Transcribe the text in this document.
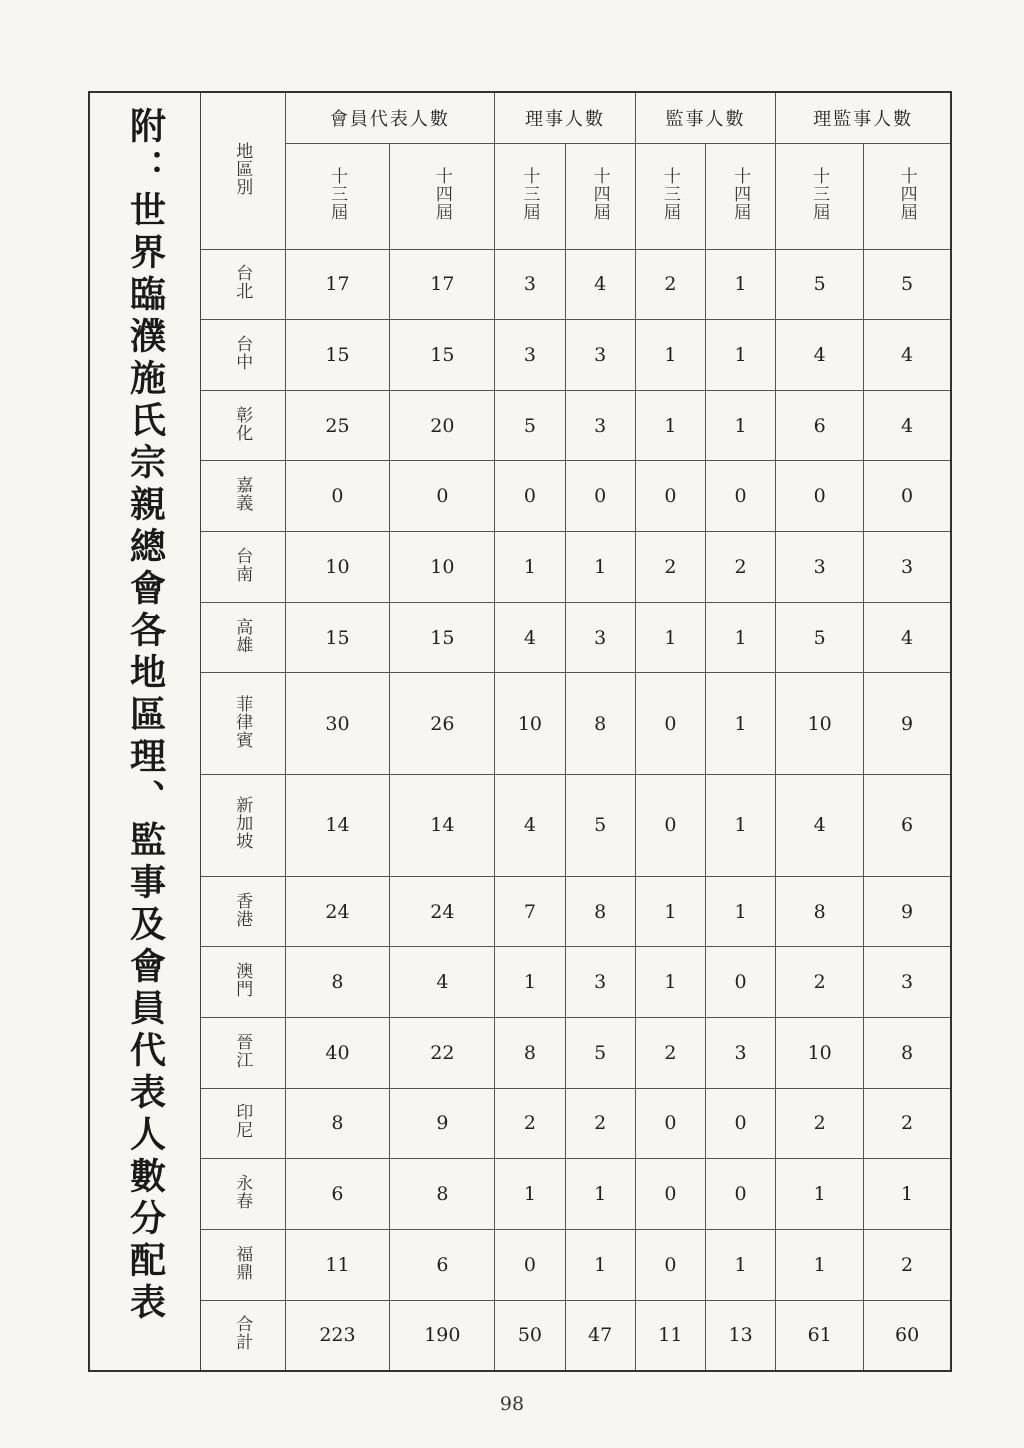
附：世界臨濮施氏宗親總會各地區理、監事及會員代表人數分配表	地區別	會員代表人數		理事人數		監事人數		理監事人數	
	十三屆	十四屆	十三屆	十四屆	十三屆	十四屆	十三屆	十四屆
台北	17	17	3	4	2	1	5	5
台中	15	15	3	3	1	1	4	4
彰化	25	20	5	3	1	1	6	4
嘉義	0	0	0	0	0	0	0	0
台南	10	10	1	1	2	2	3	3
高雄	15	15	4	3	1	1	5	4
菲律賓	30	26	10	8	0	1	10	9
新加坡	14	14	4	5	0	1	4	6
香港	24	24	7	8	1	1	8	9
澳門	8	4	1	3	1	0	2	3
晉江	40	22	8	5	2	3	10	8
印尼	8	9	2	2	0	0	2	2
永春	6	8	1	1	0	0	1	1
福鼎	11	6	0	1	0	1	1	2
合計	223	190	50	47	11	13	61	60
98
